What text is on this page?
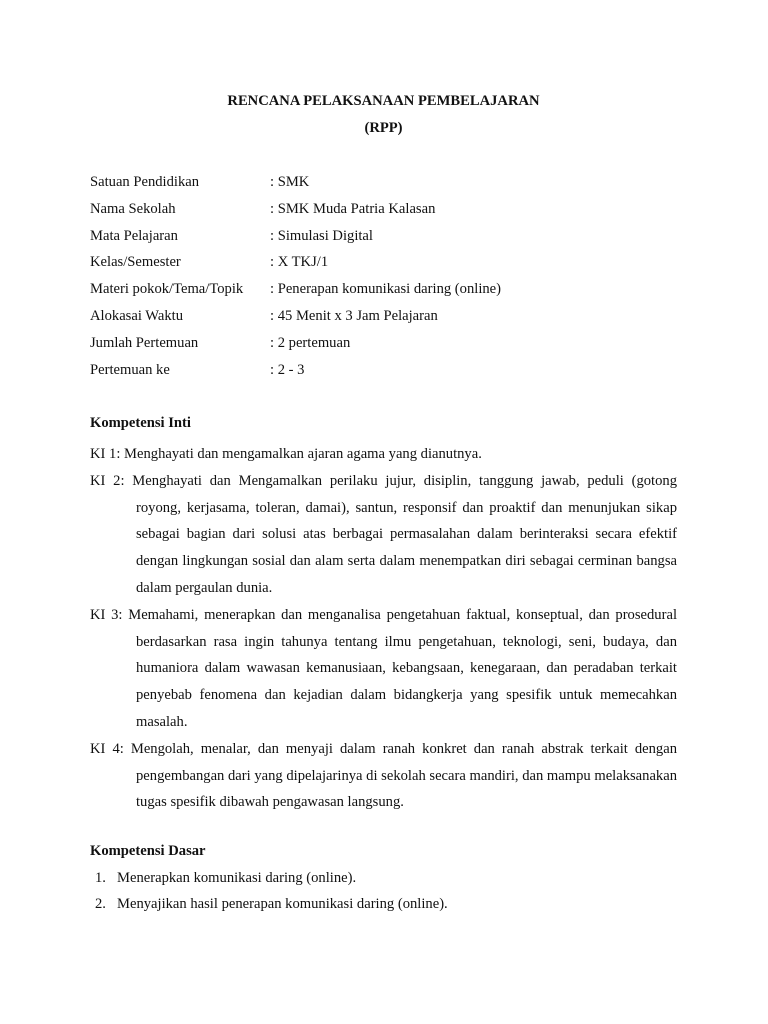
RENCANA PELAKSANAAN PEMBELAJARAN
(RPP)
Satuan Pendidikan	: SMK
Nama Sekolah	: SMK Muda Patria Kalasan
Mata Pelajaran	: Simulasi Digital
Kelas/Semester	: X TKJ/1
Materi pokok/Tema/Topik : Penerapan komunikasi daring (online)
Alokasai Waktu	: 45 Menit x 3 Jam Pelajaran
Jumlah Pertemuan	: 2 pertemuan
Pertemuan ke	: 2 - 3
Kompetensi Inti

KI 1: Menghayati dan mengamalkan ajaran agama yang dianutnya.

KI 2: Menghayati dan Mengamalkan perilaku jujur, disiplin, tanggung jawab, peduli (gotong royong, kerjasama, toleran, damai), santun, responsif dan proaktif dan menunjukan sikap sebagai bagian dari solusi atas berbagai permasalahan dalam berinteraksi secara efektif dengan lingkungan sosial dan alam serta dalam menempatkan diri sebagai cerminan bangsa dalam pergaulan dunia.

KI 3: Memahami, menerapkan dan menganalisa pengetahuan faktual, konseptual, dan prosedural berdasarkan rasa ingin tahunya tentang ilmu pengetahuan, teknologi, seni, budaya, dan humaniora dalam wawasan kemanusiaan, kebangsaan, kenegaraan, dan peradaban terkait penyebab fenomena dan kejadian dalam bidangkerja yang spesifik untuk memecahkan masalah.

KI 4: Mengolah, menalar, dan menyaji dalam ranah konkret dan ranah abstrak terkait dengan pengembangan dari yang dipelajarinya di sekolah secara mandiri, dan mampu melaksanakan tugas spesifik dibawah pengawasan langsung.

Kompetensi Dasar
1. Menerapkan komunikasi daring (online).
2. Menyajikan hasil penerapan komunikasi daring (online).
